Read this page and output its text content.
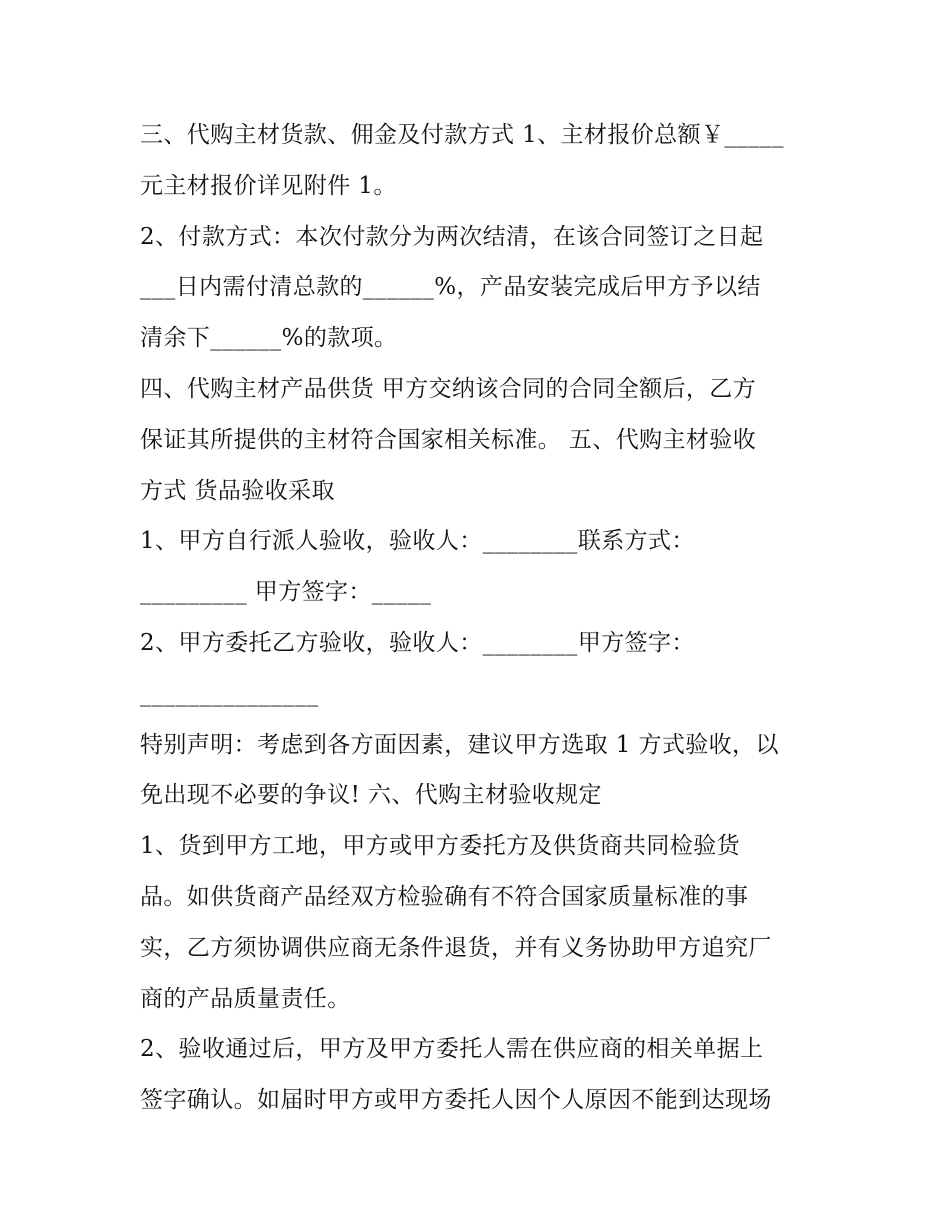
三、代购主材货款、佣金及付款方式 1、主材报价总额￥_____
元主材报价详见附件 1。
2、付款方式：本次付款分为两次结清，在该合同签订之日起
___日内需付清总款的______%，产品安装完成后甲方予以结
清余下______%的款项。
四、代购主材产品供货 甲方交纳该合同的合同全额后，乙方
保证其所提供的主材符合国家相关标准。 五、代购主材验收
方式 货品验收采取
1、甲方自行派人验收，验收人：________联系方式：
_________ 甲方签字：_____
2、甲方委托乙方验收，验收人：________甲方签字：
_______________
特别声明：考虑到各方面因素，建议甲方选取 1 方式验收，以
免出现不必要的争议! 六、代购主材验收规定
1、货到甲方工地，甲方或甲方委托方及供货商共同检验货
品。如供货商产品经双方检验确有不符合国家质量标准的事
实，乙方须协调供应商无条件退货，并有义务协助甲方追究厂
商的产品质量责任。
2、验收通过后，甲方及甲方委托人需在供应商的相关单据上
签字确认。如届时甲方或甲方委托人因个人原因不能到达现场
